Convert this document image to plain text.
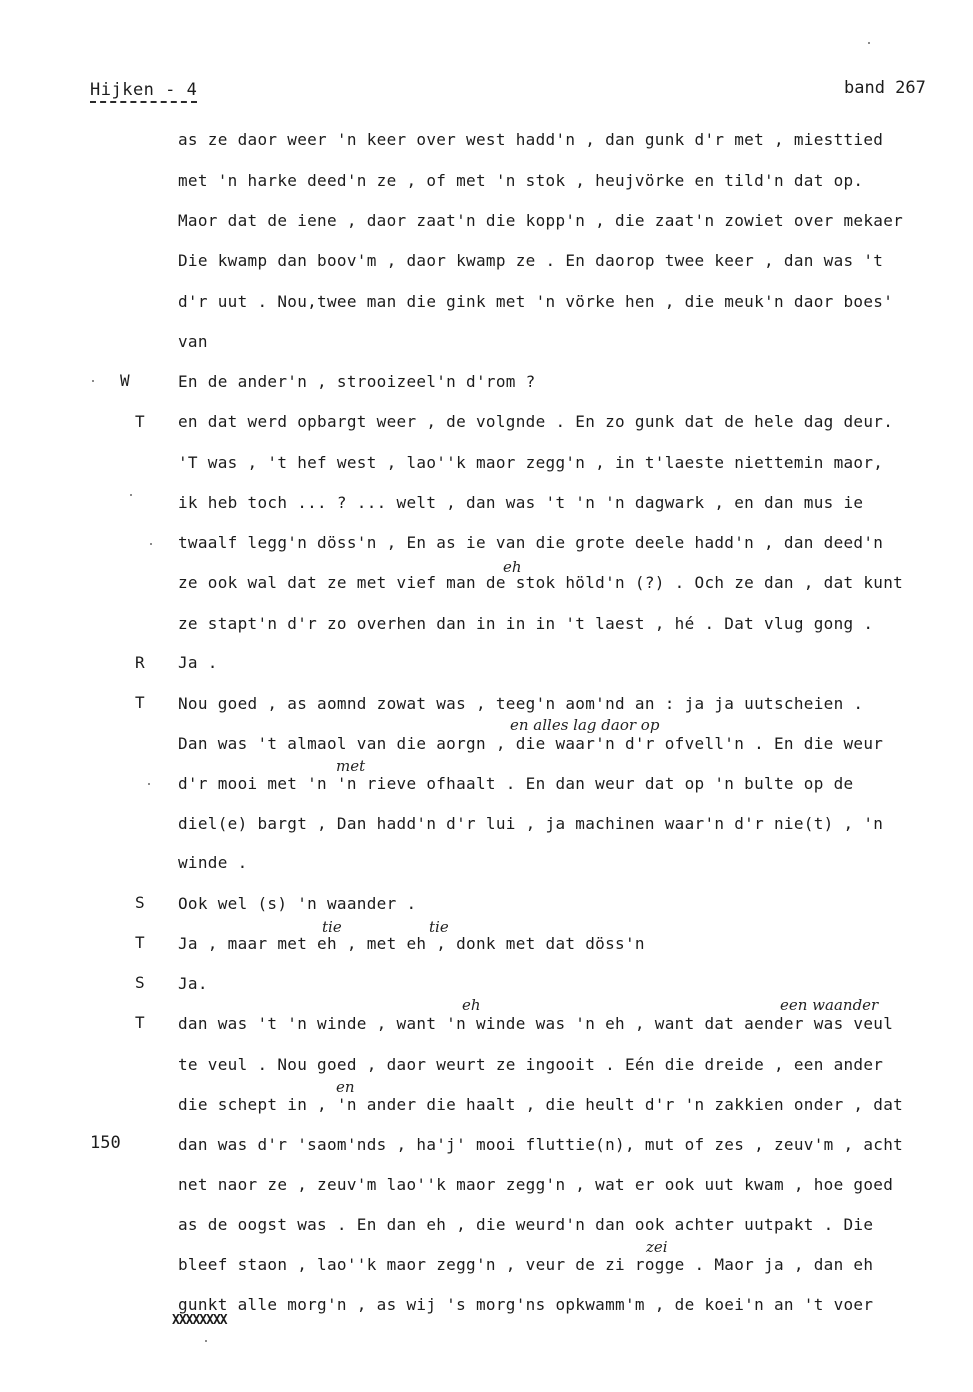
Hijken - 4	band 267
W
T
R
T
S
T
S
T
150
as ze daor weer 'n keer over west hadd'n , dan gunk d'r met , miesttied
met 'n harke deed'n ze , of met 'n stok , heujvörke en tild'n dat op.
Maor dat de iene , daor zaat'n die kopp'n , die zaat'n zowiet over mekaer
Die kwamp dan boov'm , daor kwamp ze . En daorop twee keer , dan was 't
d'r uut . Nou,twee man die gink met 'n vörke hen , die meuk'n daor boes'
van
En de ander'n , strooizeel'n d'rom ?
en dat werd opbargt weer , de volgnde . En zo gunk dat de hele dag deur.
'T was , 't hef west , lao''k maor zegg'n , in t'laeste niettemin maor,
ik heb toch ... ? ... welt , dan was 't 'n 'n dagwark , en dan mus ie
twaalf legg'n döss'n , En as ie van die grote deele hadd'n , dan deed'n
ze ook wal dat ze met vief man de stok höld'n (?) . Och ze dan , dat kunt
ze stapt'n d'r zo overhen dan in in in 't laest , hé . Dat vlug gong .
Ja .
Nou goed , as aomnd zowat was , teeg'n aom'nd an : ja ja uutscheien .
Dan was 't almaol van die aorgn , die waar'n d'r ofvell'n . En die weur
d'r mooi met 'n 'n rieve ofhaalt . En dan weur dat op 'n bulte op de
diel(e) bargt , Dan hadd'n d'r lui , ja machinen waar'n d'r nie(t) , 'n
winde .
Ook wel (s) 'n waander .
Ja , maar met eh , met eh , donk met dat döss'n
Ja.
dan was 't 'n winde , want 'n winde was 'n eh , want dat aender was veul
te veul . Nou goed , daor weurt ze ingooit . Eén die dreide , een ander
die schept in , 'n ander die haalt , die heult d'r 'n zakkien onder , dat
dan was d'r 'saom'nds , ha'j' mooi fluttie(n), mut of zes , zeuv'm , acht
net naor ze , zeuv'm lao''k maor zegg'n , wat er ook uut kwam , hoe goed
as de oogst was . En dan eh , die weurd'n dan ook achter uutpakt . Die
bleef staon , lao''k maor zegg'n , veur de zi rogge . Maor ja , dan eh
gunkt alle morg'n , as wij 's morg'ns opkwamm'm , de koei'n an 't voer
eh
en alles lag daor op
met
tie	tie
eh	een waander
en
zei
XXXXXXXX
